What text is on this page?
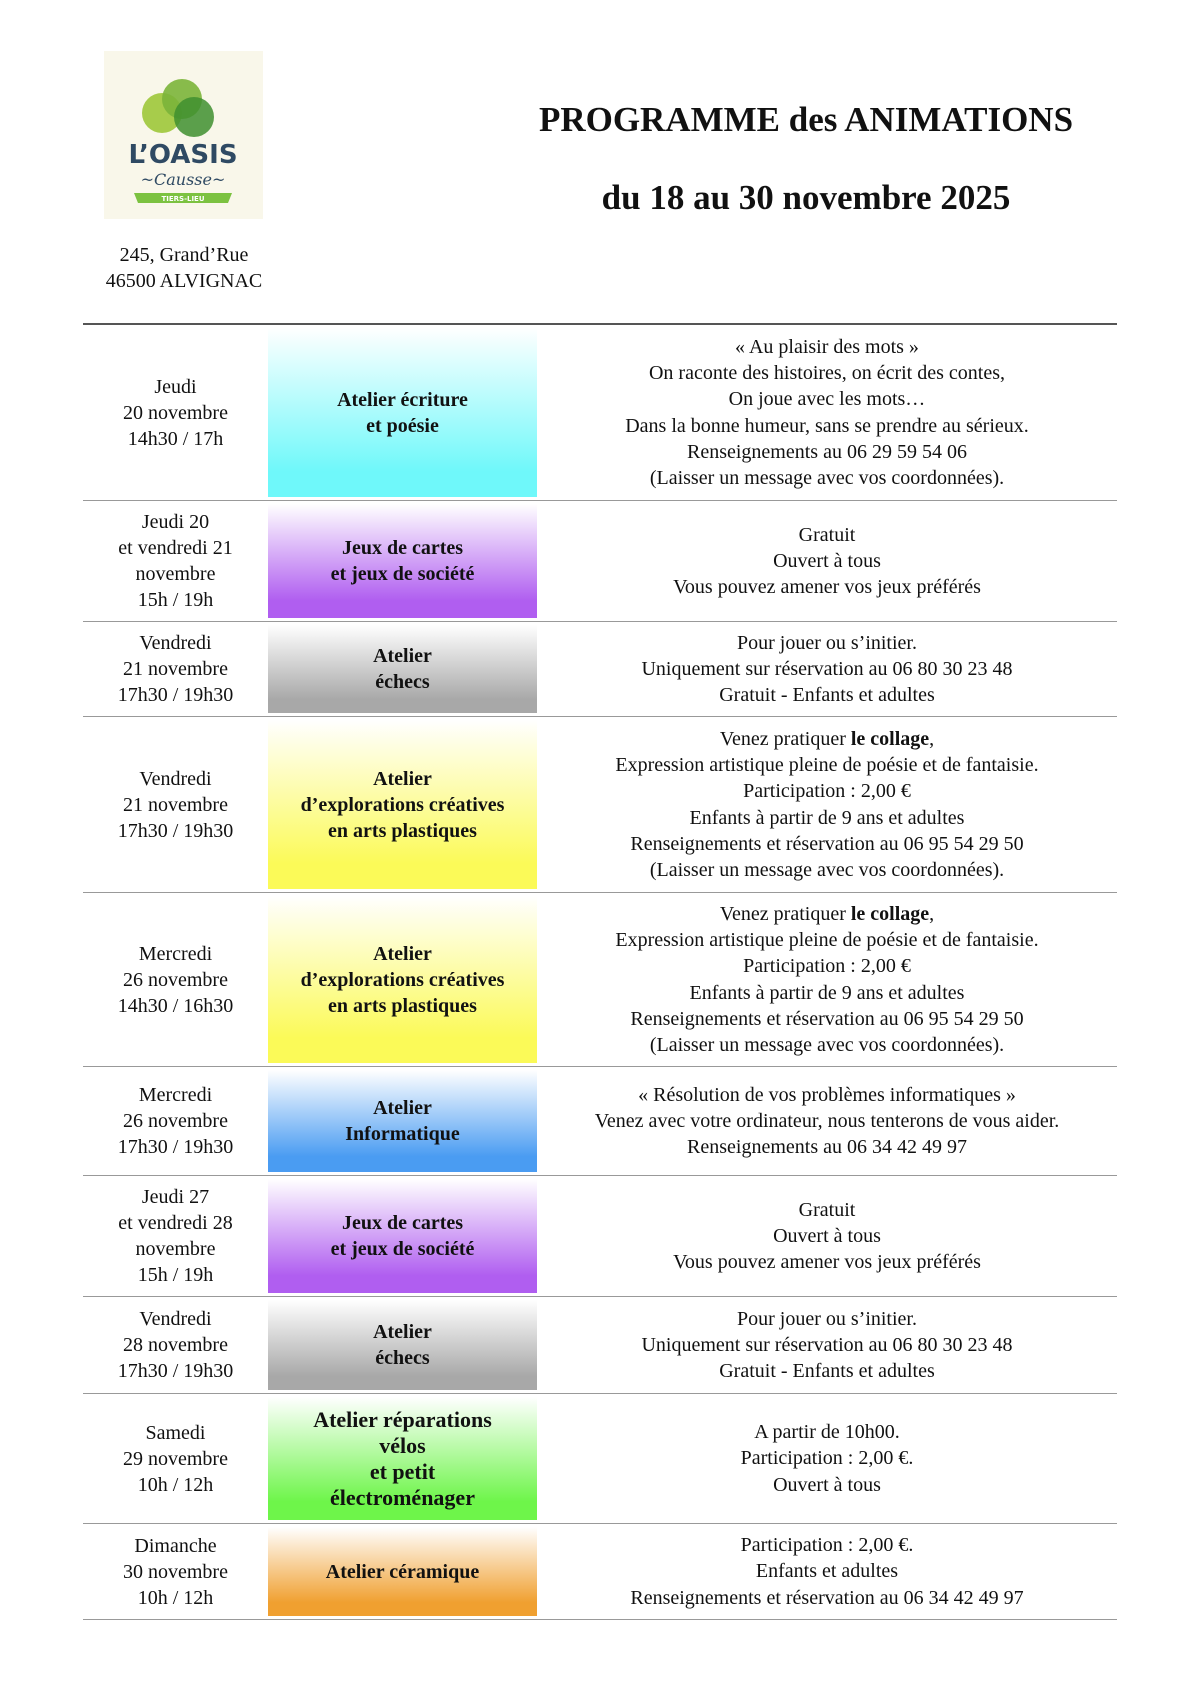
L’OASIS
~Causse~
TIERS-LIEU
245, Grand’Rue
46500 ALVIGNAC
PROGRAMME des ANIMATIONS
du 18 au 30 novembre 2025
Jeudi
20 novembre
14h30 / 17h
Atelier écriture
et poésie
« Au plaisir des mots »
On raconte des histoires, on écrit des contes,
On joue avec les mots…
Dans la bonne humeur, sans se prendre au sérieux.
Renseignements au 06 29 59 54 06
(Laisser un message avec vos coordonnées).
Jeudi 20
et vendredi 21
novembre
15h / 19h
Jeux de cartes
et jeux de société
Gratuit
Ouvert à tous
Vous pouvez amener vos jeux préférés
Vendredi
21 novembre
17h30 / 19h30
Atelier
échecs
Pour jouer ou s’initier.
Uniquement sur réservation au 06 80 30 23 48
Gratuit - Enfants et adultes
Vendredi
21 novembre
17h30 / 19h30
Atelier
d’explorations créatives
en arts plastiques
Venez pratiquer le collage,
Expression artistique pleine de poésie et de fantaisie.
Participation : 2,00 €
Enfants à partir de 9 ans et adultes
Renseignements et réservation au 06 95 54 29 50
(Laisser un message avec vos coordonnées).
Mercredi
26 novembre
14h30 / 16h30
Atelier
d’explorations créatives
en arts plastiques
Venez pratiquer le collage,
Expression artistique pleine de poésie et de fantaisie.
Participation : 2,00 €
Enfants à partir de 9 ans et adultes
Renseignements et réservation au 06 95 54 29 50
(Laisser un message avec vos coordonnées).
Mercredi
26 novembre
17h30 / 19h30
Atelier
Informatique
« Résolution de vos problèmes informatiques »
Venez avec votre ordinateur, nous tenterons de vous aider.
Renseignements au 06 34 42 49 97
Jeudi 27
et vendredi 28
novembre
15h / 19h
Jeux de cartes
et jeux de société
Gratuit
Ouvert à tous
Vous pouvez amener vos jeux préférés
Vendredi
28 novembre
17h30 / 19h30
Atelier
échecs
Pour jouer ou s’initier.
Uniquement sur réservation au 06 80 30 23 48
Gratuit - Enfants et adultes
Samedi
29 novembre
10h / 12h
Atelier réparations
vélos
et petit
électroménager
A partir de 10h00.
Participation : 2,00 €.
Ouvert à tous
Dimanche
30 novembre
10h / 12h
Atelier céramique
Participation : 2,00 €.
Enfants et adultes
Renseignements et réservation au 06 34 42 49 97
